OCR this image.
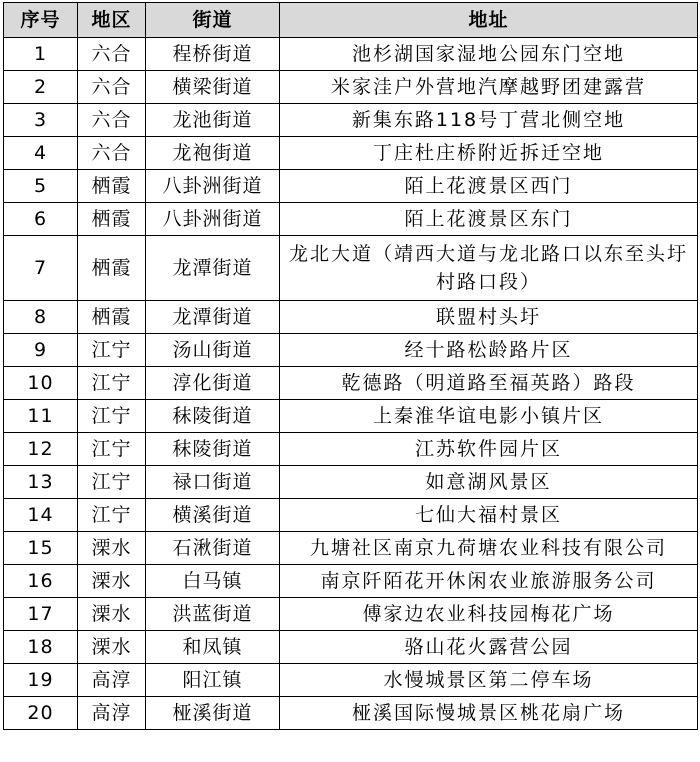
序号	地区	街道	地址
1	六合	程桥街道	池杉湖国家湿地公园东门空地
2	六合	横梁街道	米家洼户外营地汽摩越野团建露营
3	六合	龙池街道	新集东路118号丁营北侧空地
4	六合	龙袍街道	丁庄杜庄桥附近拆迁空地
5	栖霞	八卦洲街道	陌上花渡景区西门
6	栖霞	八卦洲街道	陌上花渡景区东门
7	栖霞	龙潭街道	龙北大道（靖西大道与龙北路口以东至头圩村路口段）
8	栖霞	龙潭街道	联盟村头圩
9	江宁	汤山街道	经十路松龄路片区
10	江宁	淳化街道	乾德路（明道路至福英路）路段
11	江宁	秣陵街道	上秦淮华谊电影小镇片区
12	江宁	秣陵街道	江苏软件园片区
13	江宁	禄口街道	如意湖风景区
14	江宁	横溪街道	七仙大福村景区
15	溧水	石湫街道	九塘社区南京九荷塘农业科技有限公司
16	溧水	白马镇	南京阡陌花开休闲农业旅游服务公司
17	溧水	洪蓝街道	傅家边农业科技园梅花广场
18	溧水	和凤镇	骆山花火露营公园
19	高淳	阳江镇	水慢城景区第二停车场
20	高淳	桠溪街道	桠溪国际慢城景区桃花扇广场
